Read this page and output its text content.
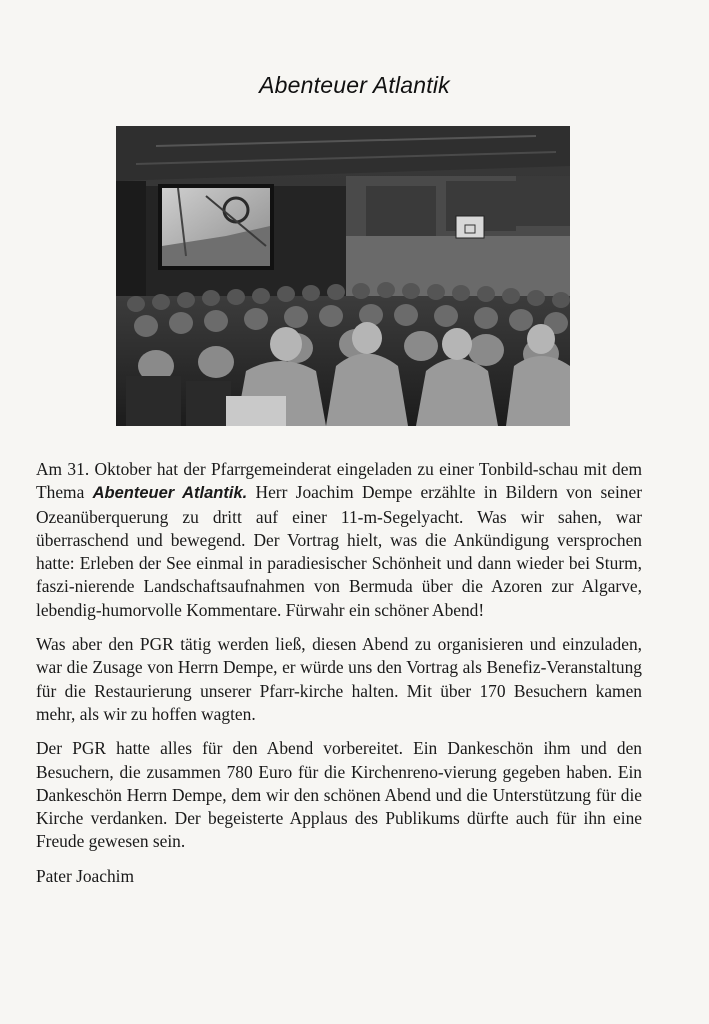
Abenteuer Atlantik

Am 31. Oktober hat der Pfarrgemeinderat eingeladen zu einer Tonbild-schau mit dem Thema Abenteuer Atlantik. Herr Joachim Dempe erzählte in Bildern von seiner Ozeanüberquerung zu dritt auf einer 11-m-Segelyacht. Was wir sahen, war überraschend und bewegend. Der Vortrag hielt, was die Ankündigung versprochen hatte: Erleben der See einmal in paradiesischer Schönheit und dann wieder bei Sturm, faszi-nierende Landschaftsaufnahmen von Bermuda über die Azoren zur Algarve, lebendig-humorvolle Kommentare. Fürwahr ein schöner Abend!

Was aber den PGR tätig werden ließ, diesen Abend zu organisieren und einzuladen, war die Zusage von Herrn Dempe, er würde uns den Vortrag als Benefiz-Veranstaltung für die Restaurierung unserer Pfarr-kirche halten. Mit über 170 Besuchern kamen mehr, als wir zu hoffen wagten.

Der PGR hatte alles für den Abend vorbereitet. Ein Dankeschön ihm und den Besuchern, die zusammen 780 Euro für die Kirchenreno-vierung gegeben haben. Ein Dankeschön Herrn Dempe, dem wir den schönen Abend und die Unterstützung für die Kirche verdanken. Der begeisterte Applaus des Publikums dürfte auch für ihn eine Freude gewesen sein.

Pater Joachim
